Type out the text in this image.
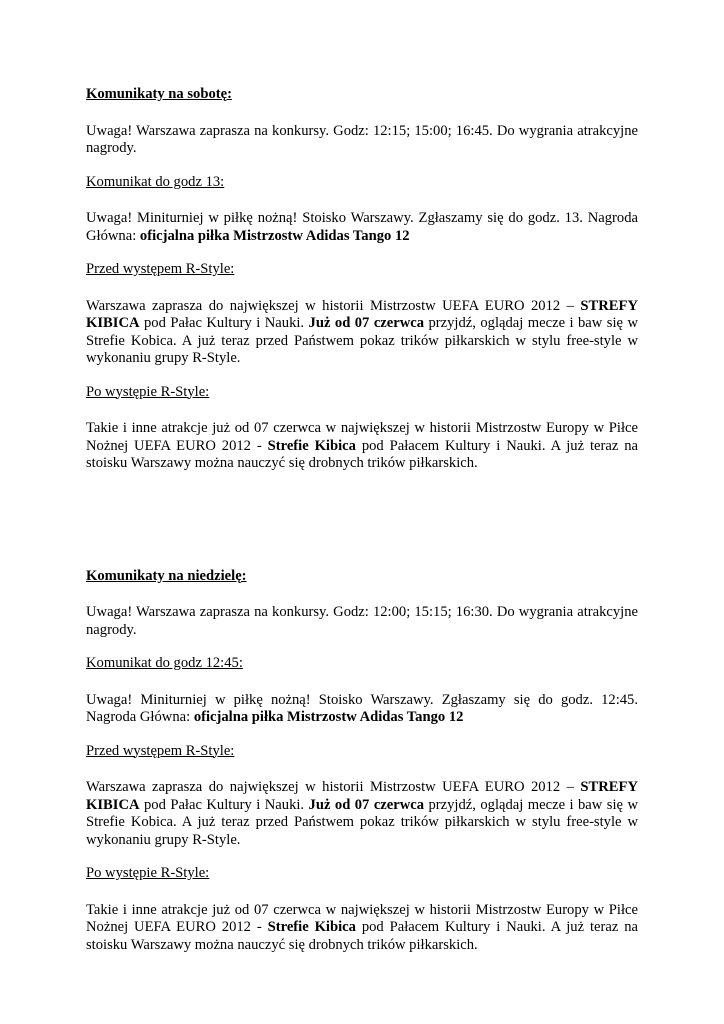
Komunikaty na sobotę:

Uwaga! Warszawa zaprasza na konkursy. Godz: 12:15; 15:00; 16:45. Do wygrania atrakcyjne nagrody.

Komunikat do godz 13:

Uwaga! Miniturniej w piłkę nożną! Stoisko Warszawy. Zgłaszamy się do godz. 13. Nagroda Główna: oficjalna piłka Mistrzostw Adidas Tango 12

Przed występem R-Style:

Warszawa zaprasza do największej w historii Mistrzostw UEFA EURO 2012 – STREFY KIBICA pod Pałac Kultury i Nauki. Już od 07 czerwca przyjdź, oglądaj mecze i baw się w Strefie Kobica. A już teraz przed Państwem pokaz trików piłkarskich w stylu free-style w wykonaniu grupy R-Style.

Po występie R-Style:

Takie i inne atrakcje już od 07 czerwca w największej w historii Mistrzostw Europy w Piłce Nożnej UEFA EURO 2012 - Strefie Kibica pod Pałacem Kultury i Nauki. A już teraz na stoisku Warszawy można nauczyć się drobnych trików piłkarskich.

Komunikaty na niedzielę:

Uwaga! Warszawa zaprasza na konkursy. Godz: 12:00; 15:15; 16:30. Do wygrania atrakcyjne nagrody.

Komunikat do godz 12:45:

Uwaga! Miniturniej w piłkę nożną! Stoisko Warszawy. Zgłaszamy się do godz. 12:45. Nagroda Główna: oficjalna piłka Mistrzostw Adidas Tango 12

Przed występem R-Style:

Warszawa zaprasza do największej w historii Mistrzostw UEFA EURO 2012 – STREFY KIBICA pod Pałac Kultury i Nauki. Już od 07 czerwca przyjdź, oglądaj mecze i baw się w Strefie Kobica. A już teraz przed Państwem pokaz trików piłkarskich w stylu free-style w wykonaniu grupy R-Style.

Po występie R-Style:

Takie i inne atrakcje już od 07 czerwca w największej w historii Mistrzostw Europy w Piłce Nożnej UEFA EURO 2012 - Strefie Kibica pod Pałacem Kultury i Nauki. A już teraz na stoisku Warszawy można nauczyć się drobnych trików piłkarskich.
